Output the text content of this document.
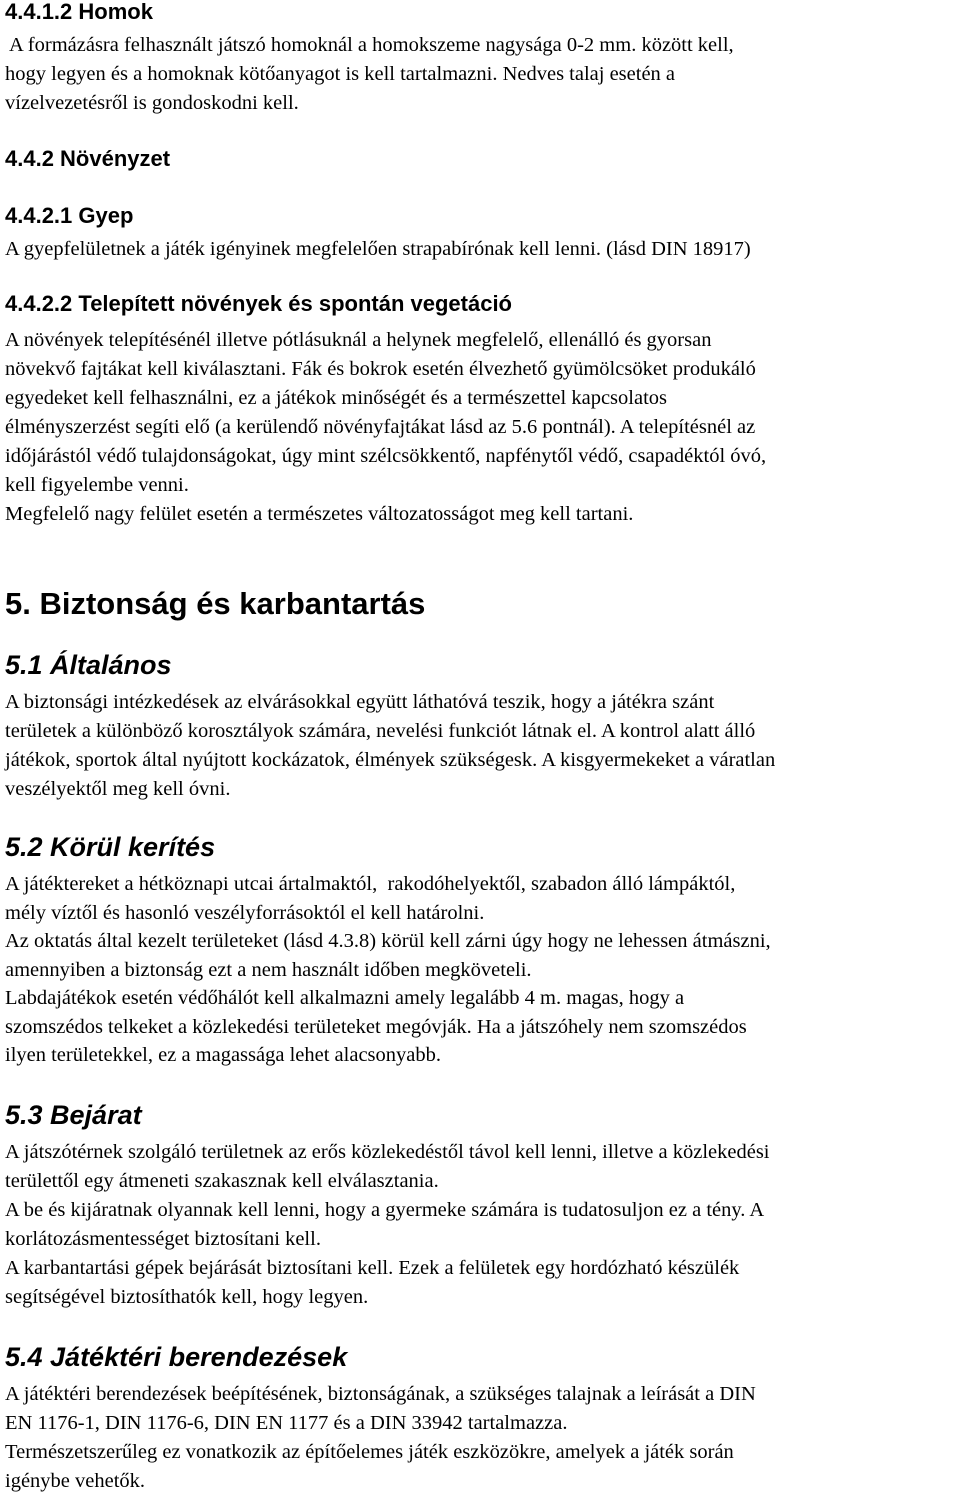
4.4.1.2 Homok
A formázásra felhasznált játszó homoknál a homokszeme nagysága 0-2 mm. között kell,
hogy legyen és a homoknak kötőanyagot is kell tartalmazni. Nedves talaj esetén a
vízelvezetésről is gondoskodni kell.
4.4.2 Növényzet
4.4.2.1 Gyep
A gyepfelületnek a játék igényinek megfelelően strapabírónak kell lenni. (lásd DIN 18917)
4.4.2.2 Telepített növények és spontán vegetáció
A növények telepítésénél illetve pótlásuknál a helynek megfelelő, ellenálló és gyorsan
növekvő fajtákat kell kiválasztani. Fák és bokrok esetén élvezhető gyümölcsöket produkáló
egyedeket kell felhasználni, ez a játékok minőségét és a természettel kapcsolatos
élményszerzést segíti elő (a kerülendő növényfajtákat lásd az 5.6 pontnál). A telepítésnél az
időjárástól védő tulajdonságokat, úgy mint szélcsökkentő, napfénytől védő, csapadéktól óvó,
kell figyelembe venni.
Megfelelő nagy felület esetén a természetes változatosságot meg kell tartani.
5. Biztonság és karbantartás
5.1 Általános
A biztonsági intézkedések az elvárásokkal együtt láthatóvá teszik, hogy a játékra szánt
területek a különböző korosztályok számára, nevelési funkciót látnak el. A kontrol alatt álló
játékok, sportok által nyújtott kockázatok, élmények szükségesk. A kisgyermekeket a váratlan
veszélyektől meg kell óvni.
5.2 Körül kerítés
A játéktereket a hétköznapi utcai ártalmaktól,  rakodóhelyektől, szabadon álló lámpáktól,
mély víztől és hasonló veszélyforrásoktól el kell határolni.
Az oktatás által kezelt területeket (lásd 4.3.8) körül kell zárni úgy hogy ne lehessen átmászni,
amennyiben a biztonság ezt a nem használt időben megköveteli.
Labdajátékok esetén védőhálót kell alkalmazni amely legalább 4 m. magas, hogy a
szomszédos telkeket a közlekedési területeket megóvják. Ha a játszóhely nem szomszédos
ilyen területekkel, ez a magassága lehet alacsonyabb.
5.3 Bejárat
A játszótérnek szolgáló területnek az erős közlekedéstől távol kell lenni, illetve a közlekedési
területtől egy átmeneti szakasznak kell elválasztania.
A be és kijáratnak olyannak kell lenni, hogy a gyermeke számára is tudatosuljon ez a tény. A
korlátozásmentességet biztosítani kell.
A karbantartási gépek bejárását biztosítani kell. Ezek a felületek egy hordózható készülék
segítségével biztosíthatók kell, hogy legyen.
5.4 Játéktéri berendezések
A játéktéri berendezések beépítésének, biztonságának, a szükséges talajnak a leírását a DIN
EN 1176-1, DIN 1176-6, DIN EN 1177 és a DIN 33942 tartalmazza.
Természetszerűleg ez vonatkozik az építőelemes játék eszközökre, amelyek a játék során
igénybe vehetők.
